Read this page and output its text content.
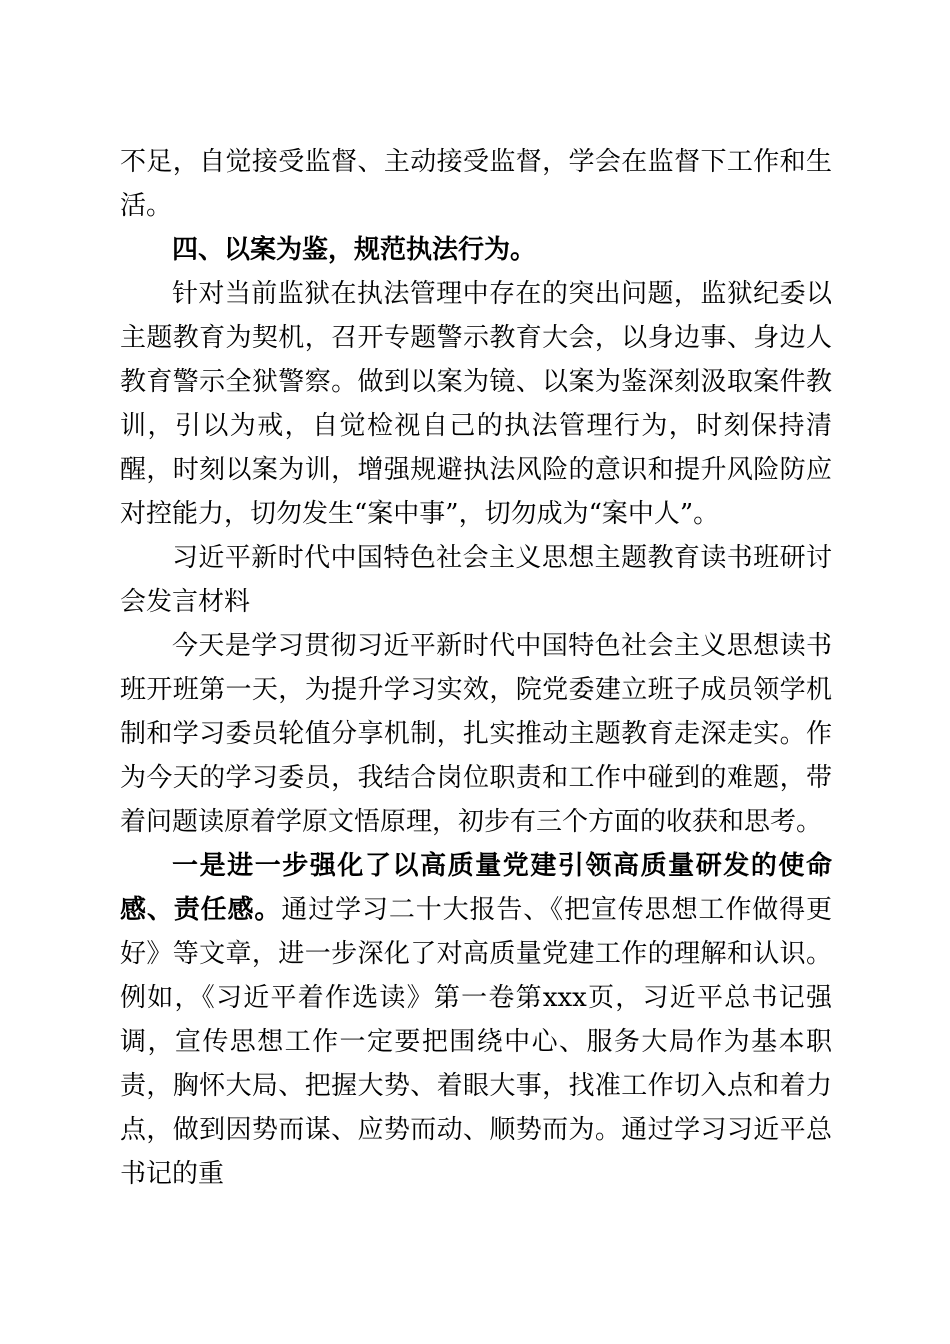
不足，自觉接受监督、主动接受监督，学会在监督下工作和生活。

四、以案为鉴，规范执法行为。

针对当前监狱在执法管理中存在的突出问题，监狱纪委以主题教育为契机，召开专题警示教育大会，以身边事、身边人教育警示全狱警察。做到以案为镜、以案为鉴深刻汲取案件教训，引以为戒，自觉检视自己的执法管理行为，时刻保持清醒，时刻以案为训，增强规避执法风险的意识和提升风险防应对控能力，切勿发生“案中事”，切勿成为“案中人”。

习近平新时代中国特色社会主义思想主题教育读书班研讨会发言材料

今天是学习贯彻习近平新时代中国特色社会主义思想读书班开班第一天，为提升学习实效，院党委建立班子成员领学机制和学习委员轮值分享机制，扎实推动主题教育走深走实。作为今天的学习委员，我结合岗位职责和工作中碰到的难题，带着问题读原着学原文悟原理，初步有三个方面的收获和思考。

一是进一步强化了以高质量党建引领高质量研发的使命感、责任感。通过学习二十大报告、《把宣传思想工作做得更好》等文章，进一步深化了对高质量党建工作的理解和认识。例如，《习近平着作选读》第一卷第xxx页，习近平总书记强调，宣传思想工作一定要把围绕中心、服务大局作为基本职责，胸怀大局、把握大势、着眼大事，找准工作切入点和着力点，做到因势而谋、应势而动、顺势而为。通过学习习近平总书记的重
